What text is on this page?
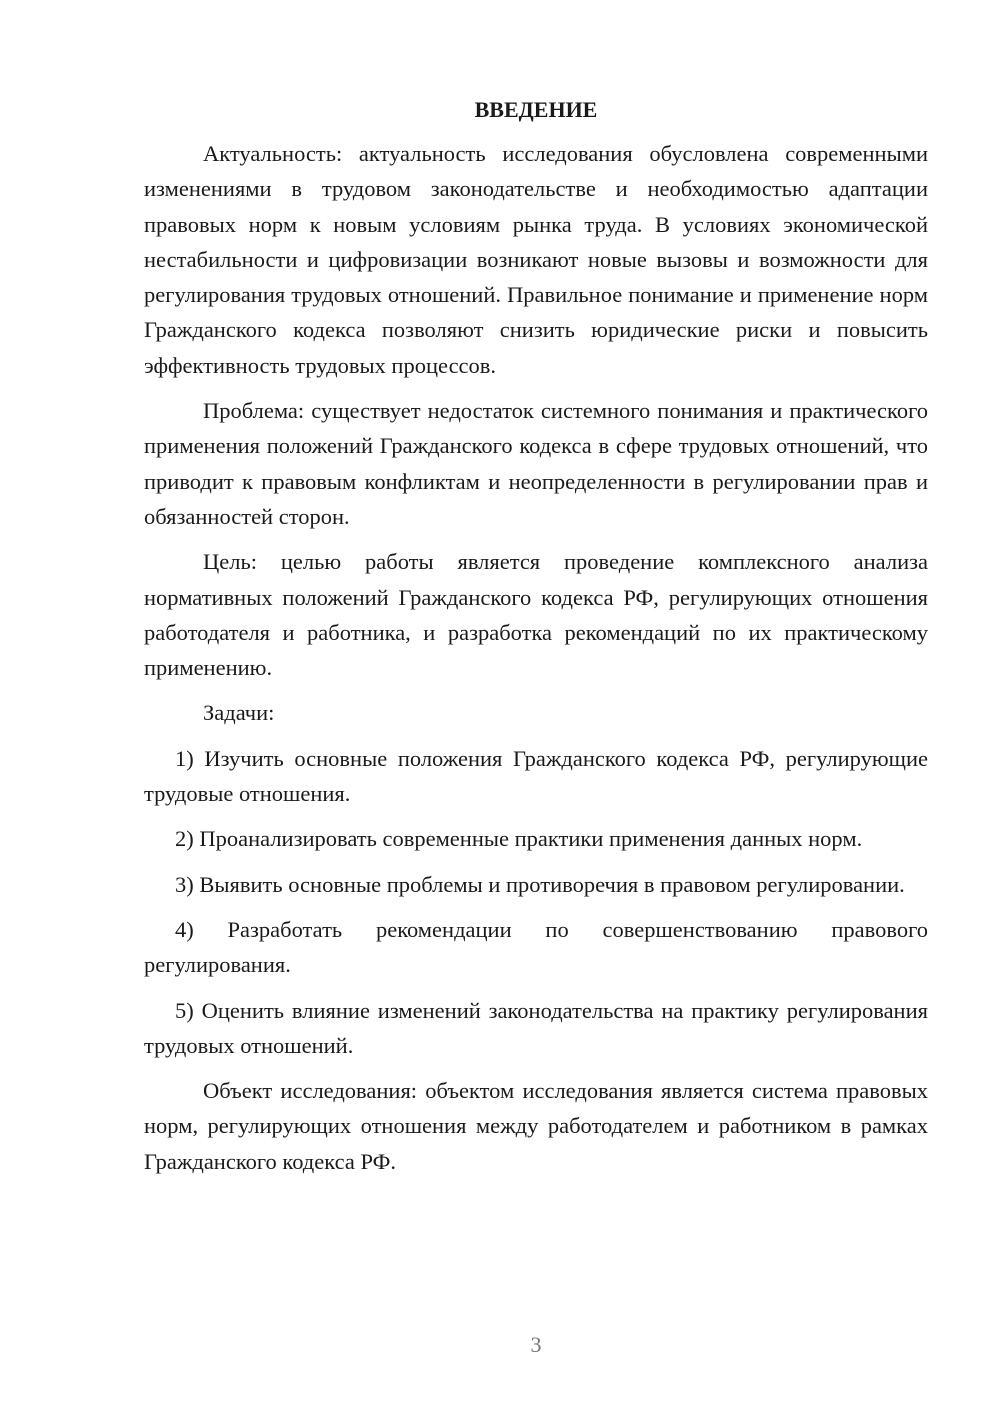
ВВЕДЕНИЕ

Актуальность: актуальность исследования обусловлена современными изменениями в трудовом законодательстве и необходимостью адаптации правовых норм к новым условиям рынка труда. В условиях экономической нестабильности и цифровизации возникают новые вызовы и возможности для регулирования трудовых отношений. Правильное понимание и применение норм Гражданского кодекса позволяют снизить юридические риски и повысить эффективность трудовых процессов.

Проблема: существует недостаток системного понимания и практического применения положений Гражданского кодекса в сфере трудовых отношений, что приводит к правовым конфликтам и неопределенности в регулировании прав и обязанностей сторон.

Цель: целью работы является проведение комплексного анализа нормативных положений Гражданского кодекса РФ, регулирующих отношения работодателя и работника, и разработка рекомендаций по их практическому применению.

Задачи:

1) Изучить основные положения Гражданского кодекса РФ, регулирующие трудовые отношения.

2) Проанализировать современные практики применения данных норм.

3) Выявить основные проблемы и противоречия в правовом регулировании.

4) Разработать рекомендации по совершенствованию правового регулирования.

5) Оценить влияние изменений законодательства на практику регулирования трудовых отношений.

Объект исследования: объектом исследования является система правовых норм, регулирующих отношения между работодателем и работником в рамках Гражданского кодекса РФ.

3
